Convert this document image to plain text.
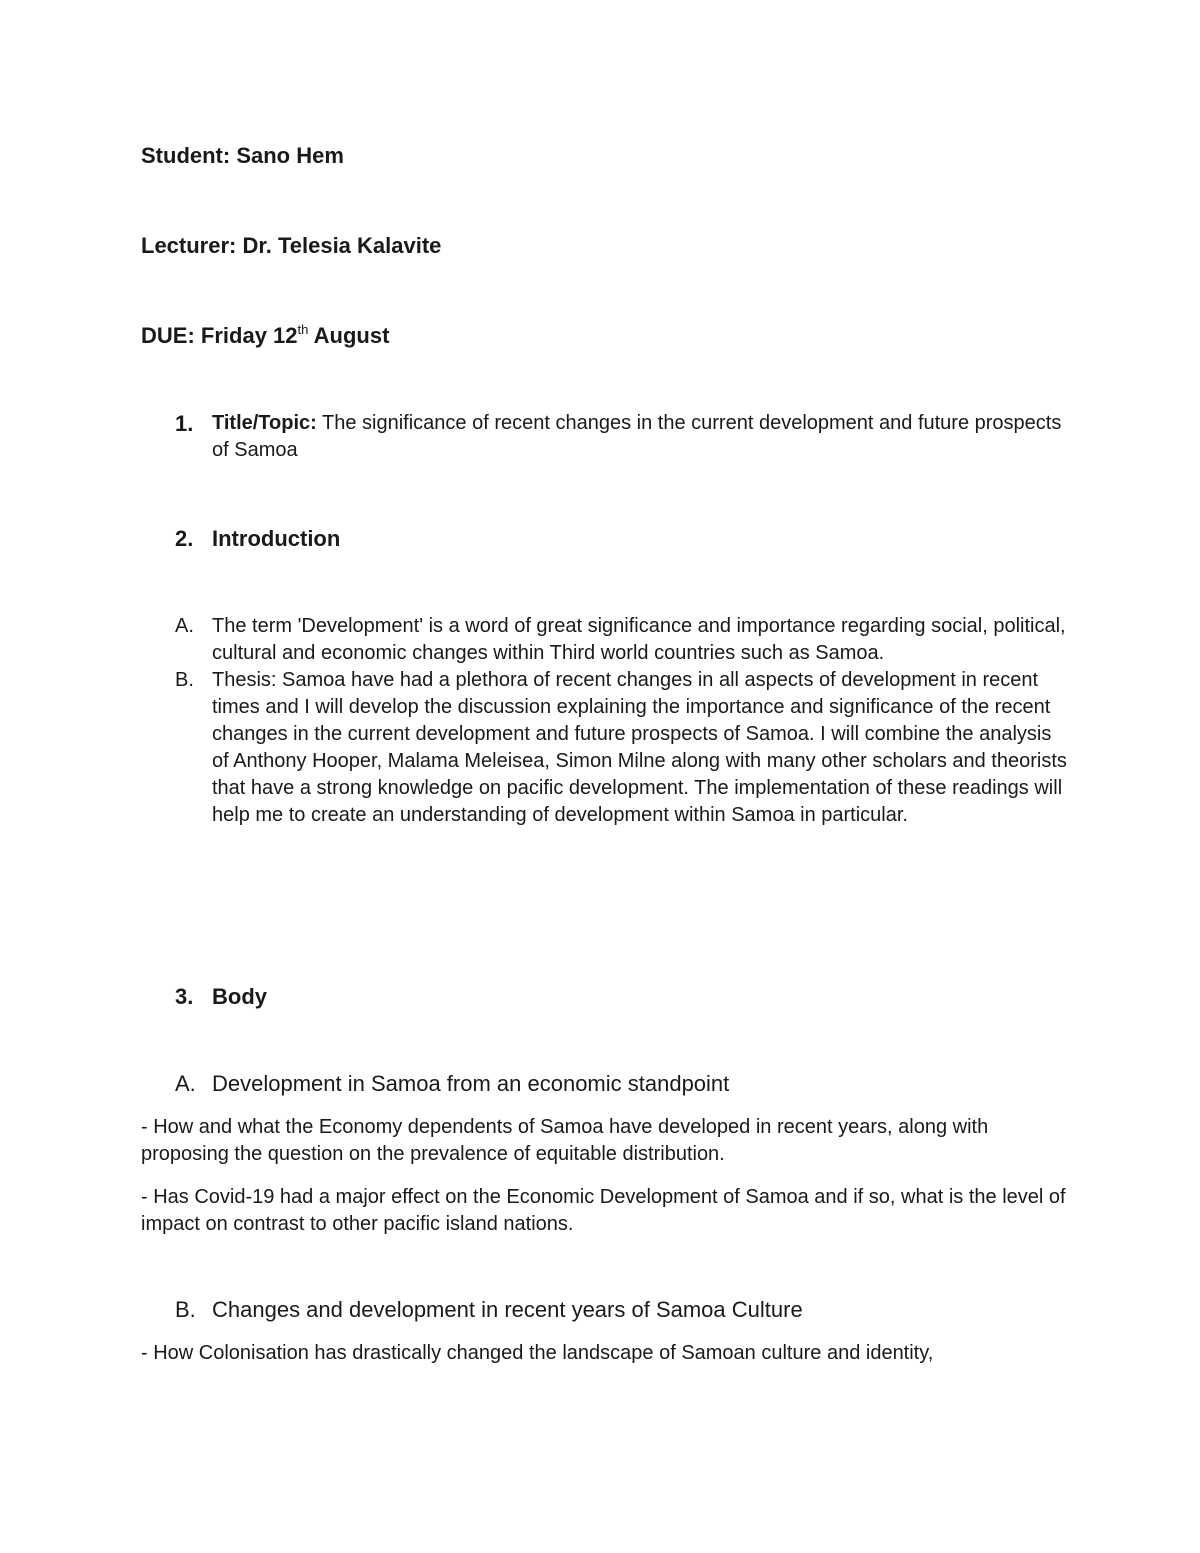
Student: Sano Hem

Lecturer: Dr. Telesia Kalavite

DUE: Friday 12th August

1. Title/Topic: The significance of recent changes in the current development and future prospects of Samoa

2. Introduction
A. The term 'Development' is a word of great significance and importance regarding social, political, cultural and economic changes within Third world countries such as Samoa.

B. Thesis: Samoa have had a plethora of recent changes in all aspects of development in recent times and I will develop the discussion explaining the importance and significance of the recent changes in the current development and future prospects of Samoa. I will combine the analysis of Anthony Hooper, Malama Meleisea, Simon Milne along with many other scholars and theorists that have a strong knowledge on pacific development. The implementation of these readings will help me to create an understanding of development within Samoa in particular.

3. Body
A. Development in Samoa from an economic standpoint

- How and what the Economy dependents of Samoa have developed in recent years, along with proposing the question on the prevalence of equitable distribution.

- Has Covid-19 had a major effect on the Economic Development of Samoa and if so, what is the level of impact on contrast to other pacific island nations.

B. Changes and development in recent years of Samoa Culture

- How Colonisation has drastically changed the landscape of Samoan culture and identity,
